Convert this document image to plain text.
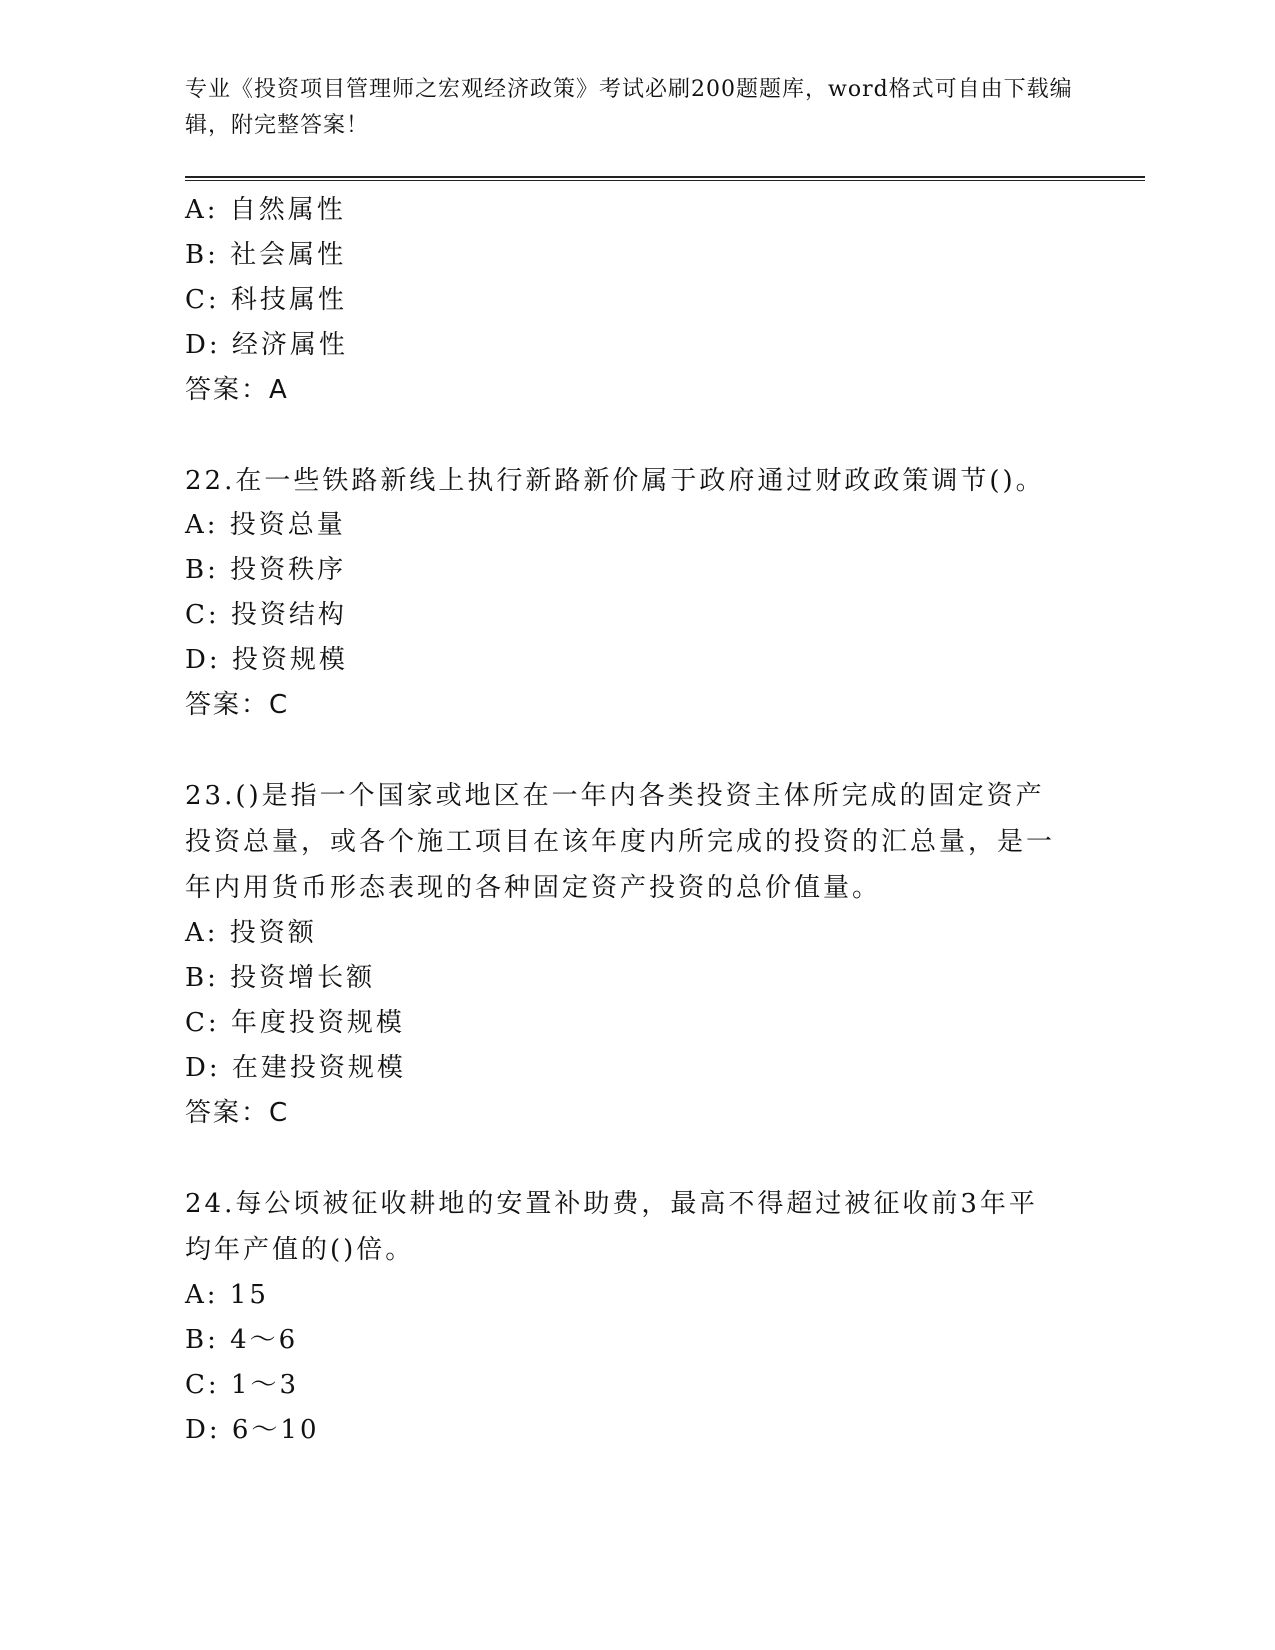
专业《投资项目管理师之宏观经济政策》考试必刷200题题库，word格式可自由下载编辑，附完整答案！
A: 自然属性
B: 社会属性
C: 科技属性
D: 经济属性
答案：A
22.在一些铁路新线上执行新路新价属于政府通过财政政策调节()。
A: 投资总量
B: 投资秩序
C: 投资结构
D: 投资规模
答案：C
23.()是指一个国家或地区在一年内各类投资主体所完成的固定资产投资总量，或各个施工项目在该年度内所完成的投资的汇总量，是一年内用货币形态表现的各种固定资产投资的总价值量。
A: 投资额
B: 投资增长额
C: 年度投资规模
D: 在建投资规模
答案：C
24.每公顷被征收耕地的安置补助费，最高不得超过被征收前3年平均年产值的()倍。
A: 15
B: 4～6
C: 1～3
D: 6～10
